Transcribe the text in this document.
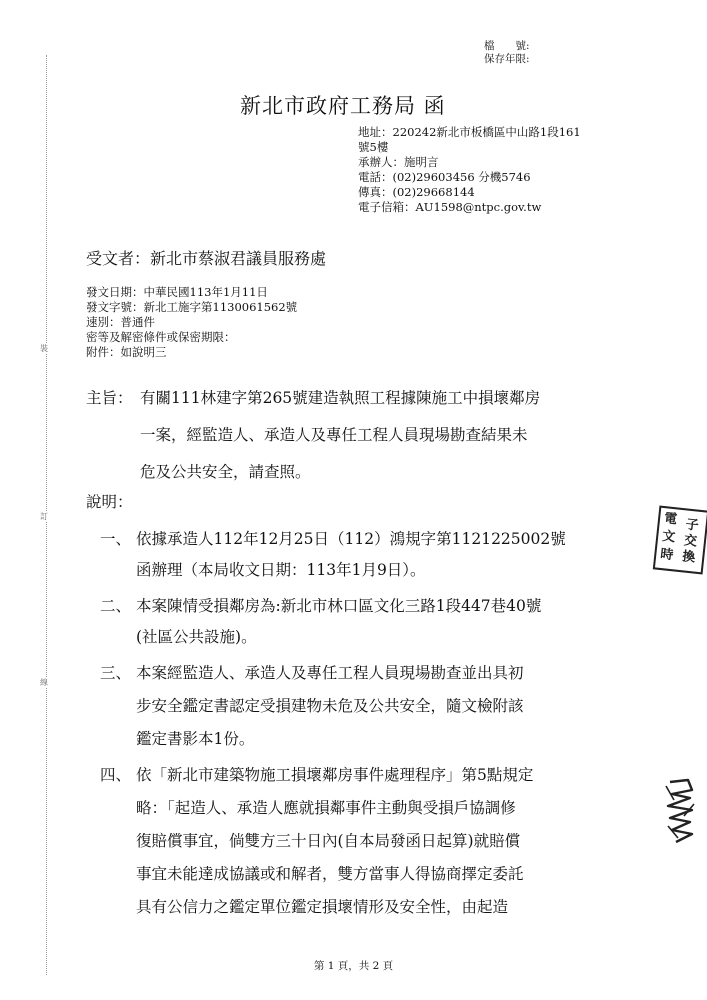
檔　　號:
保存年限:
裝
訂
線
新北市政府工務局 函
地址：220242新北市板橋區中山路1段161
號5樓
承辦人：施明言
電話：(02)29603456 分機5746
傳真：(02)29668144
電子信箱：AU1598@ntpc.gov.tw
受文者：新北市蔡淑君議員服務處
發文日期：中華民國113年1月11日
發文字號：新北工施字第1130061562號
速別：普通件
密等及解密條件或保密期限：
附件：如說明三
主旨： 有關111林建字第265號建造執照工程據陳施工中損壞鄰房
一案，經監造人、承造人及專任工程人員現場勘查結果未
危及公共安全，請查照。
說明：
一、 依據承造人112年12月25日（112）鴻規字第1121225002號
函辦理（本局收文日期：113年1月9日）。
二、 本案陳情受損鄰房為:新北市林口區文化三路1段447巷40號
(社區公共設施)。
三、 本案經監造人、承造人及專任工程人員現場勘查並出具初
步安全鑑定書認定受損建物未危及公共安全，隨文檢附該
鑑定書影本1份。
四、 依「新北市建築物施工損壞鄰房事件處理程序」第5點規定
略：「起造人、承造人應就損鄰事件主動與受損戶協調修
復賠償事宜，倘雙方三十日內(自本局發函日起算)就賠償
事宜未能達成協議或和解者，雙方當事人得協商擇定委託
具有公信力之鑑定單位鑑定損壞情形及安全性，由起造
電 子
文 交
時 換
第 1 頁，共 2 頁
